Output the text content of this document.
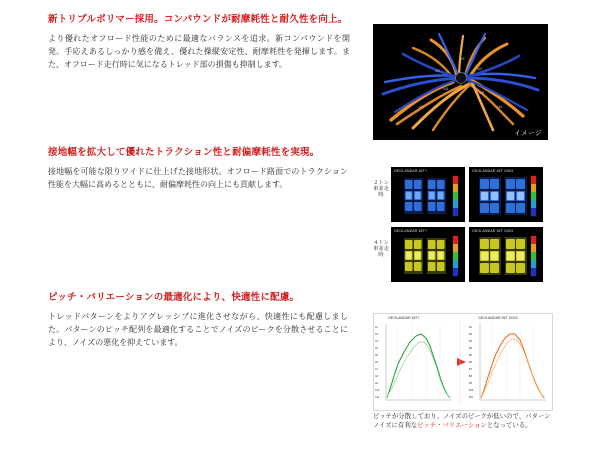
新トリプルポリマー採用。コンパウンドが耐摩耗性と耐久性を向上。

より優れたオフロード性能のために最適なバランスを追求。新コンパウンドを開発。手応えあるしっかり感を備え、優れた操縦安定性、耐摩耗性を発揮します。また、オフロード走行時に気になるトレッド部の損傷も抑制します。

x31	x22
x18
x25
x12	x16
x9
イメージ
接地幅を拡大して優れたトラクション性と耐偏摩耗性を実現。

接地幅を可能な限りワイドに仕上げた接地形状。オフロード路面でのトラクション性能を大幅に高めるとともに、耐偏摩耗性の向上にも貢献します。	２トン車並走時
４トン車並走時
GEOLANDAR M/T+	GEOLANDAR M/T G003
GEOLANDAR M/T+	GEOLANDAR M/T G003
ピッチ・バリエーションの最適化により、快適性に配慮。

トレッドパターンをよりアグレッシブに進化させながら、快適性にも配慮しました。パターンのピッチ配列を最適化することでノイズのピークを分散させることにより、ノイズの悪化を抑えています。

A1
A2
A3
A4
A5
A6
A7
A8
A9
A10
A11
B1
B2
B3
B4
B5
B6
B7
B8
B9
B10
B11
GEOLANDAR M/T+	GEOLANDAR M/T G003
ピッチが分散しており、ノイズのピークが低いので、パターンノイズに有利なピッチ・バリエーションとなっている。
